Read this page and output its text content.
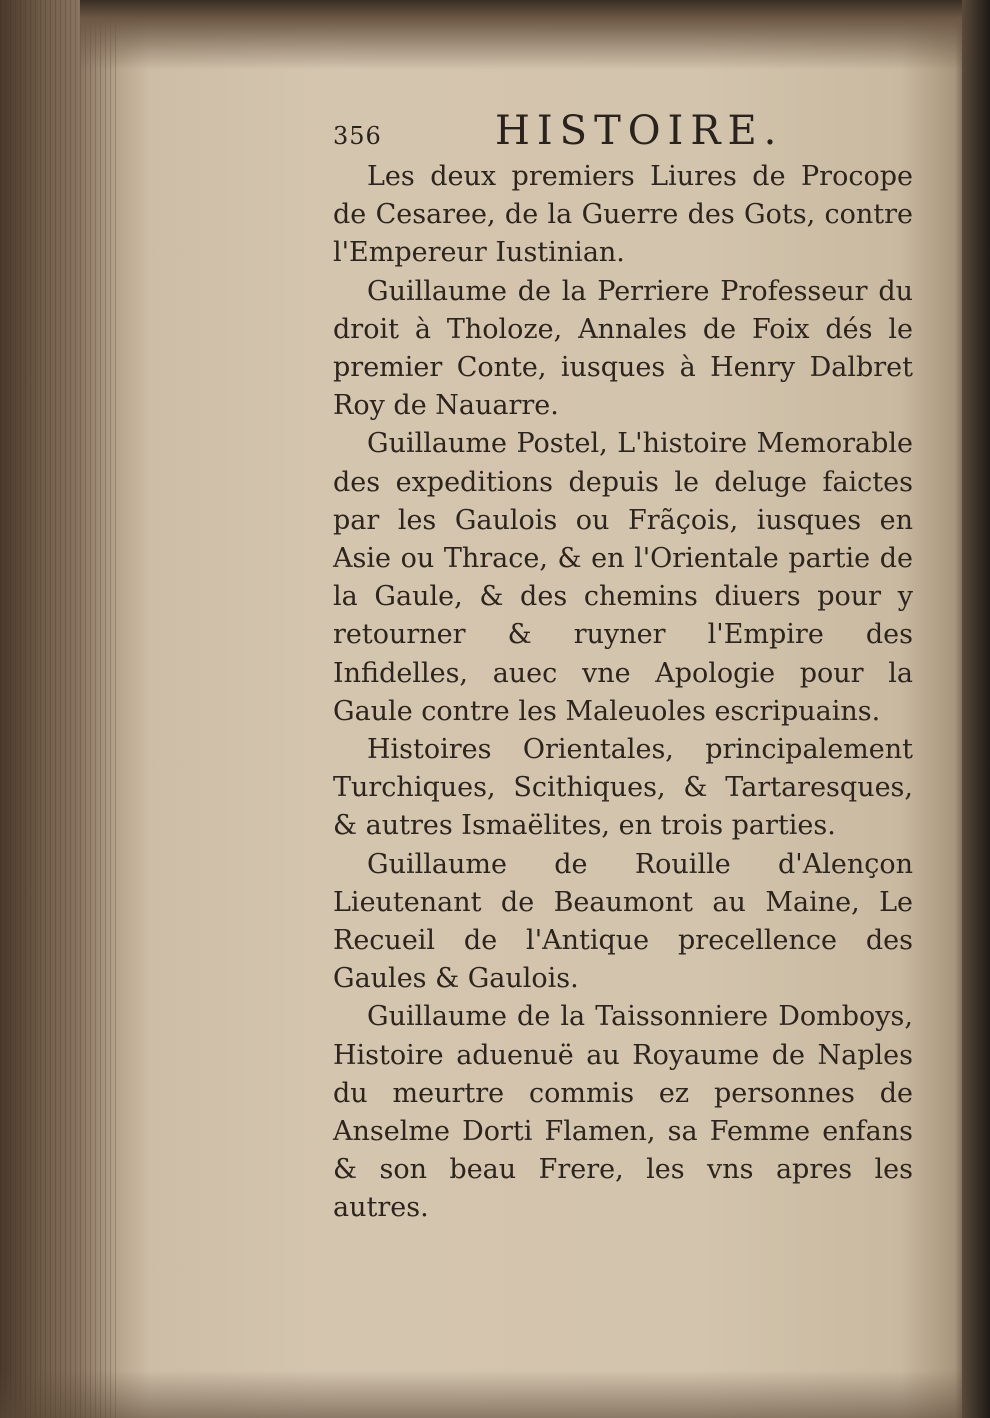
356	HISTOIRE.

Les deux premiers Liures de Procope de Cesaree, de la Guerre des Gots, contre l'Empereur Iustinian.

Guillaume de la Perriere Professeur du droit à Tholoze, Annales de Foix dés le premier Conte, iusques à Henry Dalbret Roy de Nauarre.

Guillaume Postel, L'histoire Memorable des expeditions depuis le deluge faictes par les Gaulois ou Frãçois, iusques en Asie ou Thrace, & en l'Orientale partie de la Gaule, & des chemins diuers pour y retourner & ruyner l'Empire des Infidelles, auec vne Apologie pour la Gaule contre les Maleuoles escripuains.

Histoires Orientales, principalement Turchiques, Scithiques, & Tartaresques, & autres Ismaëlites, en trois parties.

Guillaume de Rouille d'Alençon Lieutenant de Beaumont au Maine, Le Recueil de l'Antique precellence des Gaules & Gaulois.

Guillaume de la Taissonniere Domboys, Histoire aduenuë au Royaume de Naples du meurtre commis ez personnes de Anselme Dorti Flamen, sa Femme enfans & son beau Frere, les vns apres les autres.
